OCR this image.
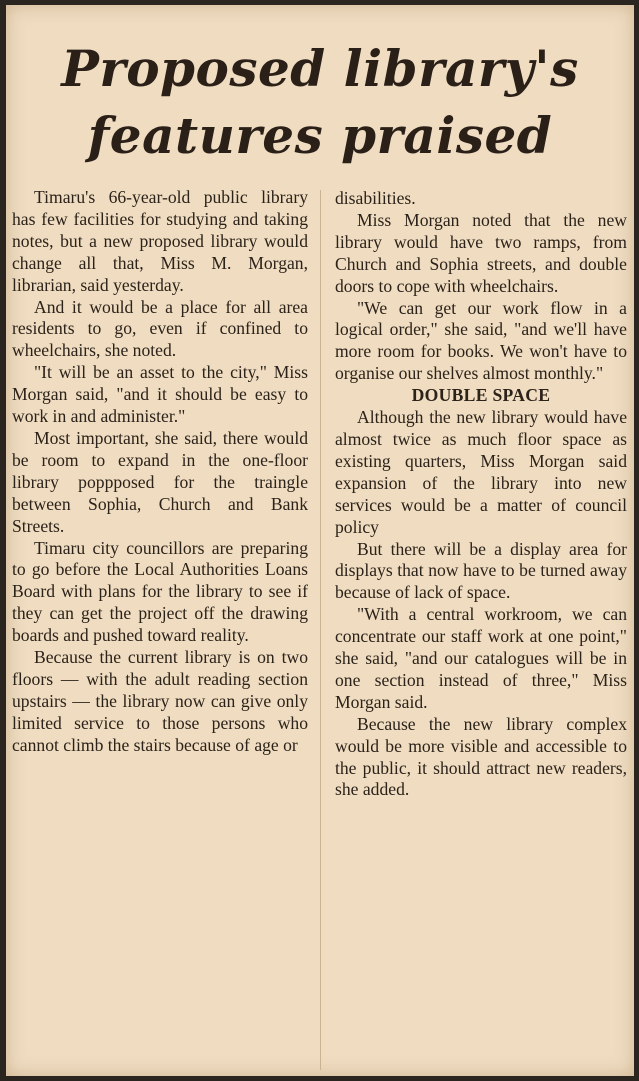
Proposed library's
features praised

Timaru's 66-year-old public library has few facilities for studying and taking notes, but a new proposed library would change all that, Miss M. Morgan, librarian, said yesterday.

And it would be a place for all area residents to go, even if confined to wheelchairs, she noted.

"It will be an asset to the city," Miss Morgan said, "and it should be easy to work in and administer."

Most important, she said, there would be room to expand in the one-floor library poppposed for the traingle between Sophia, Church and Bank Streets.

Timaru city councillors are preparing to go before the Local Authorities Loans Board with plans for the library to see if they can get the project off the drawing boards and pushed toward reality.

Because the current library is on two floors — with the adult reading section upstairs — the library now can give only limited service to those persons who cannot climb the stairs because of age or

disabilities.

Miss Morgan noted that the new library would have two ramps, from Church and Sophia streets, and double doors to cope with wheelchairs.

"We can get our work flow in a logical order," she said, "and we'll have more room for books. We won't have to organise our shelves almost monthly."

DOUBLE SPACE

Although the new library would have almost twice as much floor space as existing quarters, Miss Morgan said expansion of the library into new services would be a matter of council policy

But there will be a display area for displays that now have to be turned away because of lack of space.

"With a central workroom, we can concentrate our staff work at one point," she said, "and our catalogues will be in one section instead of three," Miss Morgan said.

Because the new library complex would be more visible and accessible to the public, it should attract new readers, she added.
